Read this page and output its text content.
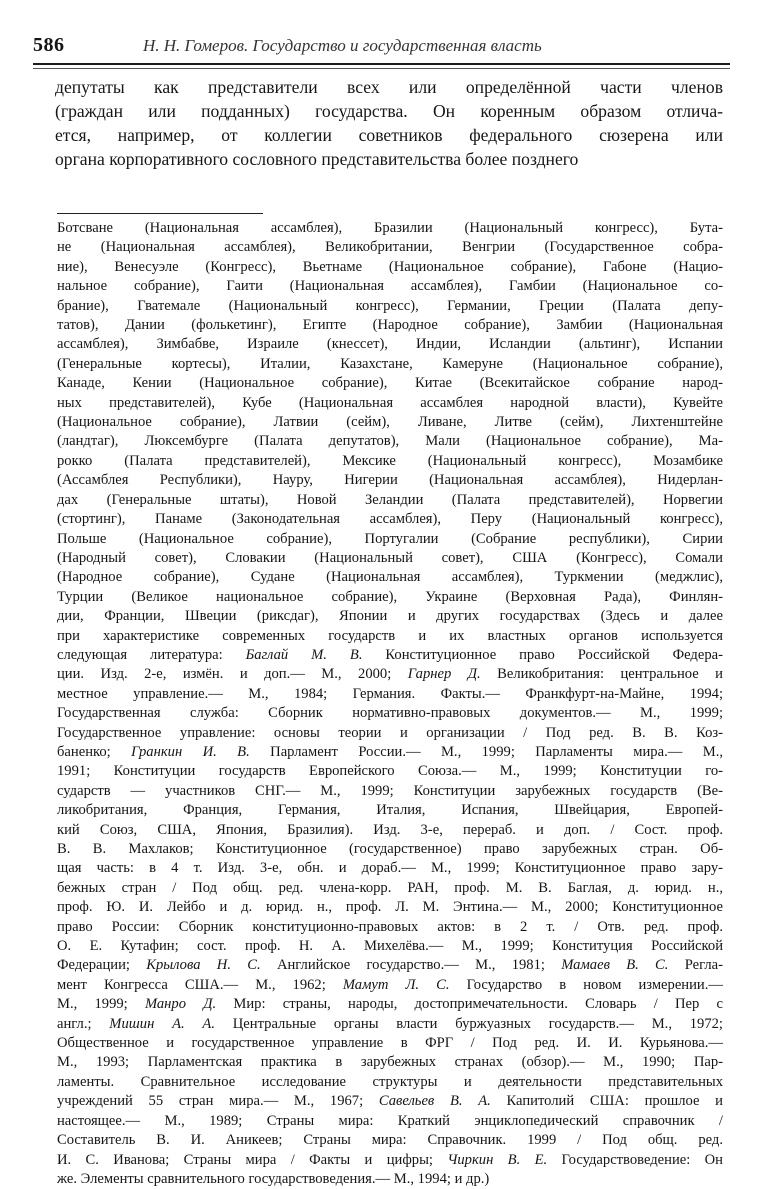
586	Н. Н. Гомеров. Государство и государственная власть
депутаты как представители всех или определённой части членов
(граждан или подданных) государства. Он коренным образом отлича-
ется, например, от коллегии советников федерального сюзерена или
органа корпоративного сословного представительства более позднего
Ботсване (Национальная ассамблея), Бразилии (Национальный конгресс), Бута-
не (Национальная ассамблея), Великобритании, Венгрии (Государственное собра-
ние), Венесуэле (Конгресс), Вьетнаме (Национальное собрание), Габоне (Нацио-
нальное собрание), Гаити (Национальная ассамблея), Гамбии (Национальное со-
брание), Гватемале (Национальный конгресс), Германии, Греции (Палата депу-
татов), Дании (фолькетинг), Египте (Народное собрание), Замбии (Национальная
ассамблея), Зимбабве, Израиле (кнессет), Индии, Исландии (альтинг), Испании
(Генеральные кортесы), Италии, Казахстане, Камеруне (Национальное собрание),
Канаде, Кении (Национальное собрание), Китае (Всекитайское собрание народ-
ных представителей), Кубе (Национальная ассамблея народной власти), Кувейте
(Национальное собрание), Латвии (сейм), Ливане, Литве (сейм), Лихтенштейне
(ландтаг), Люксембурге (Палата депутатов), Мали (Национальное собрание), Ма-
рокко (Палата представителей), Мексике (Национальный конгресс), Мозамбике
(Ассамблея Республики), Науру, Нигерии (Национальная ассамблея), Нидерлан-
дах (Генеральные штаты), Новой Зеландии (Палата представителей), Норвегии
(стортинг), Панаме (Законодательная ассамблея), Перу (Национальный конгресс),
Польше (Национальное собрание), Португалии (Собрание республики), Сирии
(Народный совет), Словакии (Национальный совет), США (Конгресс), Сомали
(Народное собрание), Судане (Национальная ассамблея), Туркмении (меджлис),
Турции (Великое национальное собрание), Украине (Верховная Рада), Финлян-
дии, Франции, Швеции (риксдаг), Японии и других государствах (Здесь и далее
при характеристике современных государств и их властных органов используется
следующая литература: Баглай М. В. Конституционное право Российской Федера-
ции. Изд. 2-е, измён. и доп.— М., 2000; Гарнер Д. Великобритания: центральное и
местное управление.— М., 1984; Германия. Факты.— Франкфурт-на-Майне, 1994;
Государственная служба: Сборник нормативно-правовых документов.— М., 1999;
Государственное управление: основы теории и организации / Под ред. В. В. Коз-
баненко; Гранкин И. В. Парламент России.— М., 1999; Парламенты мира.— М.,
1991; Конституции государств Европейского Союза.— М., 1999; Конституции го-
сударств — участников СНГ.— М., 1999; Конституции зарубежных государств (Ве-
ликобритания, Франция, Германия, Италия, Испания, Швейцария, Европей-
кий Союз, США, Япония, Бразилия). Изд. 3-е, перераб. и доп. / Сост. проф.
В. В. Махлаков; Конституционное (государственное) право зарубежных стран. Об-
щая часть: в 4 т. Изд. 3-е, обн. и дораб.— М., 1999; Конституционное право зару-
бежных стран / Под общ. ред. члена-корр. РАН, проф. М. В. Баглая, д. юрид. н.,
проф. Ю. И. Лейбо и д. юрид. н., проф. Л. М. Энтина.— М., 2000; Конституционное
право России: Сборник конституционно-правовых актов: в 2 т. / Отв. ред. проф.
О. Е. Кутафин; сост. проф. Н. А. Михелёва.— М., 1999; Конституция Российской
Федерации; Крылова Н. С. Английское государство.— М., 1981; Мамаев В. С. Регла-
мент Конгресса США.— М., 1962; Мамут Л. С. Государство в новом измерении.—
М., 1999; Манро Д. Мир: страны, народы, достопримечательности. Словарь / Пер с
англ.; Мишин А. А. Центральные органы власти буржуазных государств.— М., 1972;
Общественное и государственное управление в ФРГ / Под ред. И. И. Курьянова.—
М., 1993; Парламентская практика в зарубежных странах (обзор).— М., 1990; Пар-
ламенты. Сравнительное исследование структуры и деятельности представительных
учреждений 55 стран мира.— М., 1967; Савельев В. А. Капитолий США: прошлое и
настоящее.— М., 1989; Страны мира: Краткий энциклопедический справочник /
Составитель В. И. Аникеев; Страны мира: Справочник. 1999 / Под общ. ред.
И. С. Иванова; Страны мира / Факты и цифры; Чиркин В. Е. Государствоведение: Он
же. Элементы сравнительного государствоведения.— М., 1994; и др.)
